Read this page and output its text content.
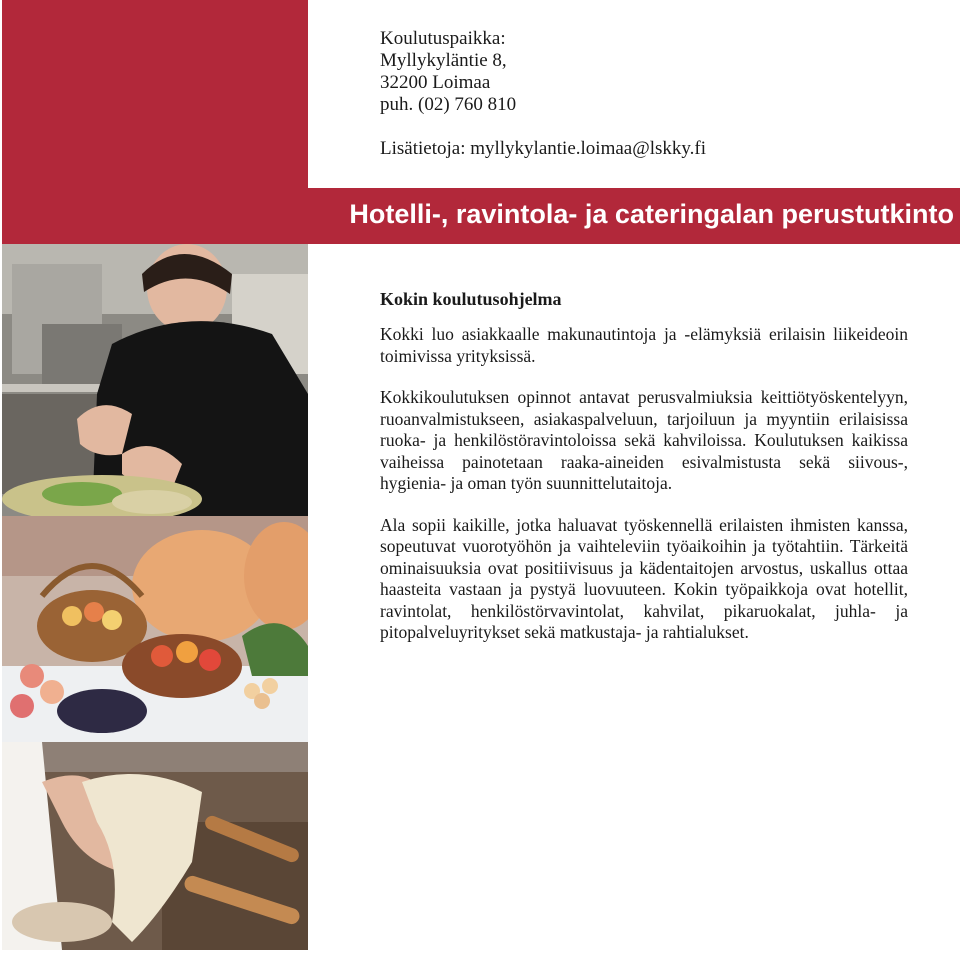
Koulutuspaikka:
Myllykyläntie 8,
32200 Loimaa
puh. (02) 760 810
Lisätietoja: myllykylantie.loimaa@lskky.fi
Hotelli-, ravintola- ja cateringalan perustutkinto
Kokin koulutusohjelma

Kokki luo asiakkaalle makunautintoja ja -elämyksiä erilaisin liikeideoin toimivissa yrityksissä.

Kokkikoulutuksen opinnot antavat perusvalmiuksia keittiötyöskentelyyn, ruoanvalmistukseen, asiakaspalveluun, tarjoiluun ja myyntiin erilaisissa ruoka- ja henkilöstöravintoloissa sekä kahviloissa. Koulutuksen kaikissa vaiheissa painotetaan raaka-aineiden esivalmistusta sekä siivous-, hygienia- ja oman työn suunnittelutaitoja.

Ala sopii kaikille, jotka haluavat työskennellä erilaisten ihmisten kanssa, sopeutuvat vuorotyöhön ja vaihteleviin työaikoihin ja työtahtiin. Tärkeitä ominaisuuksia ovat positiivisuus ja kädentaitojen arvostus, uskallus ottaa haasteita vastaan ja pystyä luovuuteen. Kokin työpaikkoja ovat hotellit, ravintolat, henkilöstörvavintolat, kahvilat, pikaruokalat, juhla- ja pitopalveluyritykset sekä matkustaja- ja rahtialukset.
